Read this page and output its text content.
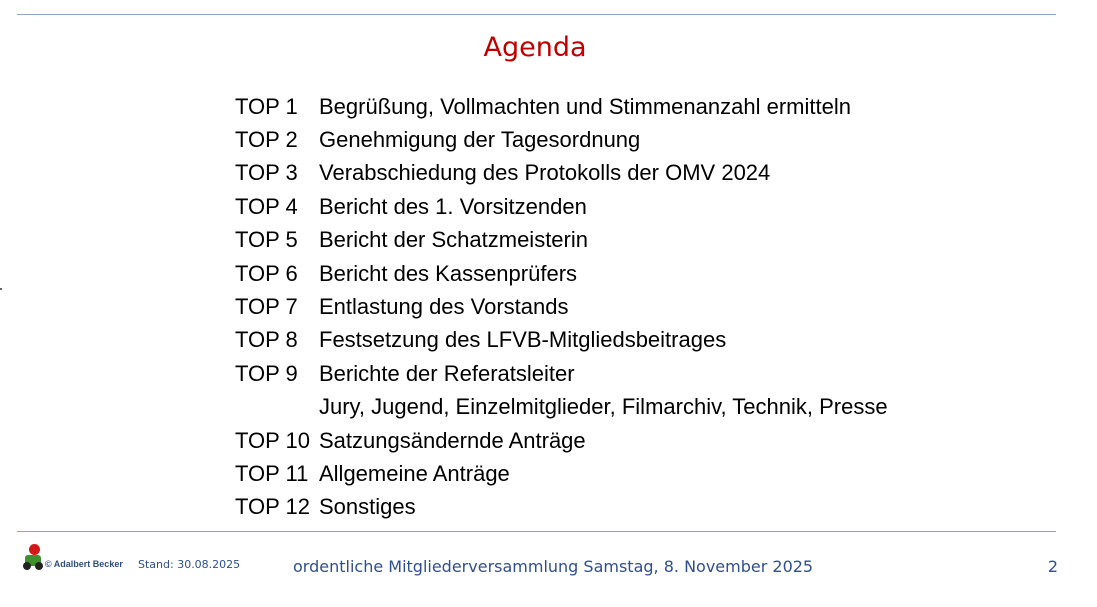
Agenda
TOP 1 Begrüßung, Vollmachten und Stimmenanzahl ermitteln
TOP 2 Genehmigung der Tagesordnung
TOP 3 Verabschiedung des Protokolls der OMV 2024
TOP 4 Bericht des 1. Vorsitzenden
TOP 5 Bericht der Schatzmeisterin
TOP 6 Bericht des Kassenprüfers
TOP 7 Entlastung des Vorstands
TOP 8 Festsetzung des LFVB-Mitgliedsbeitrages
TOP 9 Berichte der Referatsleiter
Jury, Jugend, Einzelmitglieder, Filmarchiv, Technik, Presse
TOP 10 Satzungsändernde Anträge
TOP 11 Allgemeine Anträge
TOP 12 Sonstiges
© Adalbert Becker Stand: 30.08.2025	ordentliche Mitgliederversammlung Samstag, 8. November 2025	2
